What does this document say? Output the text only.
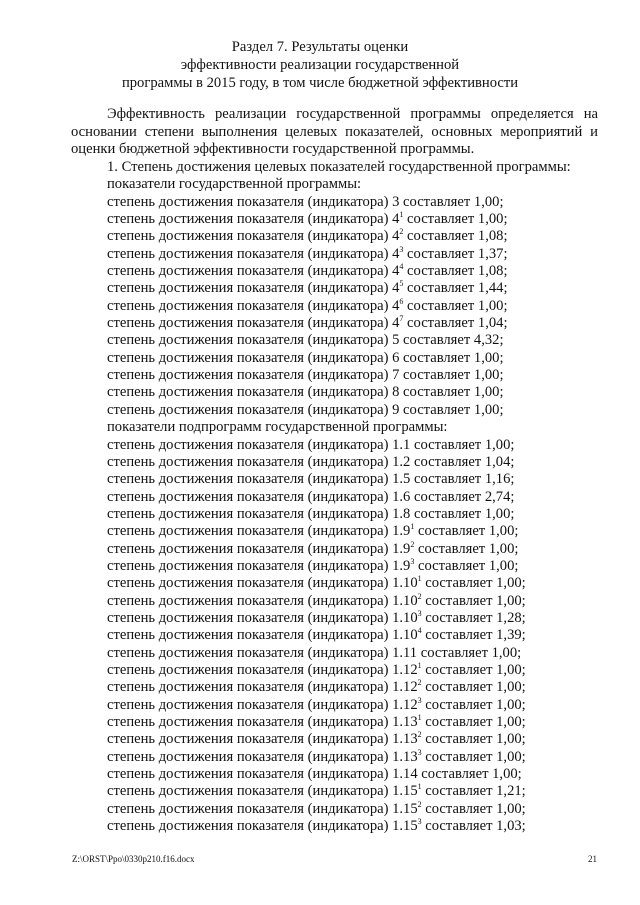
Раздел 7. Результаты оценки
эффективности реализации государственной
программы в 2015 году, в том числе бюджетной эффективности

Эффективность реализации государственной программы определяется на основании степени выполнения целевых показателей, основных мероприятий и оценки бюджетной эффективности государственной программы.

1. Степень достижения целевых показателей государственной программы:
показатели государственной программы:
степень достижения показателя (индикатора) 3 составляет 1,00;
степень достижения показателя (индикатора) $4^1$ составляет 1,00;
степень достижения показателя (индикатора) $4^2$ составляет 1,08;
степень достижения показателя (индикатора) $4^3$ составляет 1,37;
степень достижения показателя (индикатора) $4^4$ составляет 1,08;
степень достижения показателя (индикатора) $4^5$ составляет 1,44;
степень достижения показателя (индикатора) $4^6$ составляет 1,00;
степень достижения показателя (индикатора) $4^7$ составляет 1,04;
степень достижения показателя (индикатора) 5 составляет 4,32;
степень достижения показателя (индикатора) 6 составляет 1,00;
степень достижения показателя (индикатора) 7 составляет 1,00;
степень достижения показателя (индикатора) 8 составляет 1,00;
степень достижения показателя (индикатора) 9 составляет 1,00;
показатели подпрограмм государственной программы:
степень достижения показателя (индикатора) 1.1 составляет 1,00;
степень достижения показателя (индикатора) 1.2 составляет 1,04;
степень достижения показателя (индикатора) 1.5 составляет 1,16;
степень достижения показателя (индикатора) 1.6 составляет 2,74;
степень достижения показателя (индикатора) 1.8 составляет 1,00;
степень достижения показателя (индикатора) $1.9^1$ составляет 1,00;
степень достижения показателя (индикатора) $1.9^2$ составляет 1,00;
степень достижения показателя (индикатора) $1.9^3$ составляет 1,00;
степень достижения показателя (индикатора) 1.10$^1$ составляет 1,00;
степень достижения показателя (индикатора) 1.10$^2$ составляет 1,00;
степень достижения показателя (индикатора) 1.10$^3$ составляет 1,28;
степень достижения показателя (индикатора) 1.10$^4$ составляет 1,39;
степень достижения показателя (индикатора) 1.11 составляет 1,00;
степень достижения показателя (индикатора) 1.12$^1$ составляет 1,00;
степень достижения показателя (индикатора) 1.12$^2$ составляет 1,00;
степень достижения показателя (индикатора) 1.12$^3$ составляет 1,00;
степень достижения показателя (индикатора) 1.13$^1$ составляет 1,00;
степень достижения показателя (индикатора) 1.13$^2$ составляет 1,00;
степень достижения показателя (индикатора) 1.13$^3$ составляет 1,00;
степень достижения показателя (индикатора) 1.14 составляет 1,00;
степень достижения показателя (индикатора) 1.15$^1$ составляет 1,21;
степень достижения показателя (индикатора) 1.15$^2$ составляет 1,00;
степень достижения показателя (индикатора) 1.15$^3$ составляет 1,03;
Z:\ORST\Ppo\0330p210.f16.docx	21
